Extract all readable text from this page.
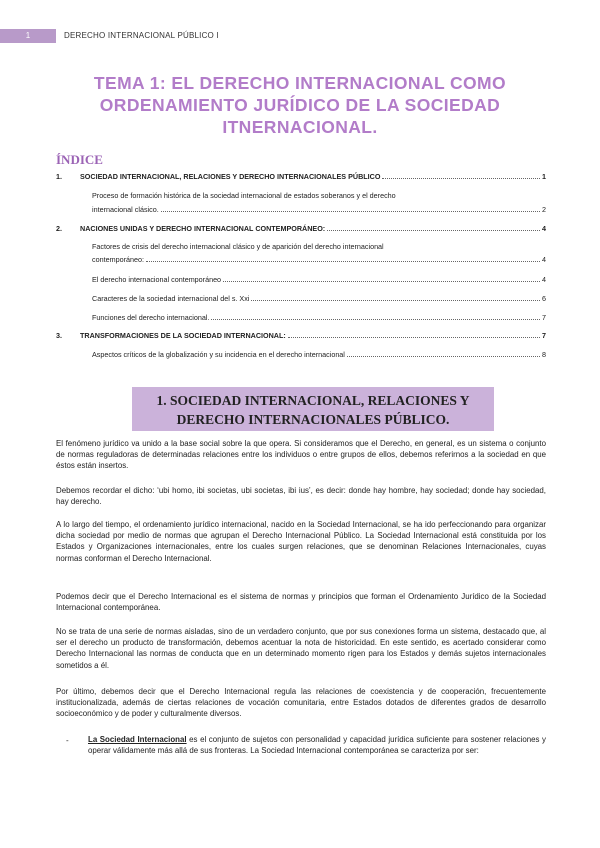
1	DERECHO INTERNACIONAL PÚBLICO I
TEMA 1: EL DERECHO INTERNACIONAL COMO
ORDENAMIENTO JURÍDICO DE LA SOCIEDAD
ITNERNACIONAL.
ÍNDICE
1.	SOCIEDAD INTERNACIONAL, RELACIONES Y DERECHO INTERNACIONALES PÚBLICO	1
Proceso de formación histórica de la sociedad internacional de estados soberanos y el derecho
internacional clásico.	2
2.	NACIONES UNIDAS Y DERECHO INTERNACIONAL CONTEMPORÁNEO:	4
Factores de crisis del derecho internacional clásico y de aparición del derecho internacional
contemporáneo:	4
El derecho internacional contemporáneo	4
Caracteres de la sociedad internacional del s. Xxi	6
Funciones del derecho internacional.	7
3.	TRANSFORMACIONES DE LA SOCIEDAD INTERNACIONAL:	7
Aspectos críticos de la globalización y su incidencia en el derecho internacional	8
1. SOCIEDAD INTERNACIONAL, RELACIONES Y
DERECHO INTERNACIONALES PÚBLICO.
El fenómeno jurídico va unido a la base social sobre la que opera. Si consideramos que el Derecho, en general, es un sistema o conjunto de normas reguladoras de determinadas relaciones entre los individuos o entre grupos de ellos, debemos referirnos a la sociedad en que éstos están insertos.
Debemos recordar el dicho: ‘ubi homo, ibi societas, ubi societas, ibi ius’, es decir: donde hay hombre, hay sociedad; donde hay sociedad, hay derecho.
A lo largo del tiempo, el ordenamiento jurídico internacional, nacido en la Sociedad Internacional, se ha ido perfeccionando para organizar dicha sociedad por medio de normas que agrupan el Derecho Internacional Público. La Sociedad Internacional está constituida por los Estados y Organizaciones internacionales, entre los cuales surgen relaciones, que se denominan Relaciones Internacionales, cuyas normas conforman el Derecho Internacional.
Podemos decir que el Derecho Internacional es el sistema de normas y principios que forman el Ordenamiento Jurídico de la Sociedad Internacional contemporánea.
No se trata de una serie de normas aisladas, sino de un verdadero conjunto, que por sus conexiones forma un sistema, destacado que, al ser el derecho un producto de transformación, debemos acentuar la nota de historicidad. En este sentido, es acertado considerar como Derecho Internacional las normas de conducta que en un determinado momento rigen para los Estados y demás sujetos internacionales sometidos a él.
Por último, debemos decir que el Derecho Internacional regula las relaciones de coexistencia y de cooperación, frecuentemente institucionalizada, además de ciertas relaciones de vocación comunitaria, entre Estados dotados de diferentes grados de desarrollo socioeconómico y de poder y culturalmente diversos.
- La Sociedad Internacional es el conjunto de sujetos con personalidad y capacidad jurídica suficiente para sostener relaciones y operar válidamente más allá de sus fronteras. La Sociedad Internacional contemporánea se caracteriza por ser:
